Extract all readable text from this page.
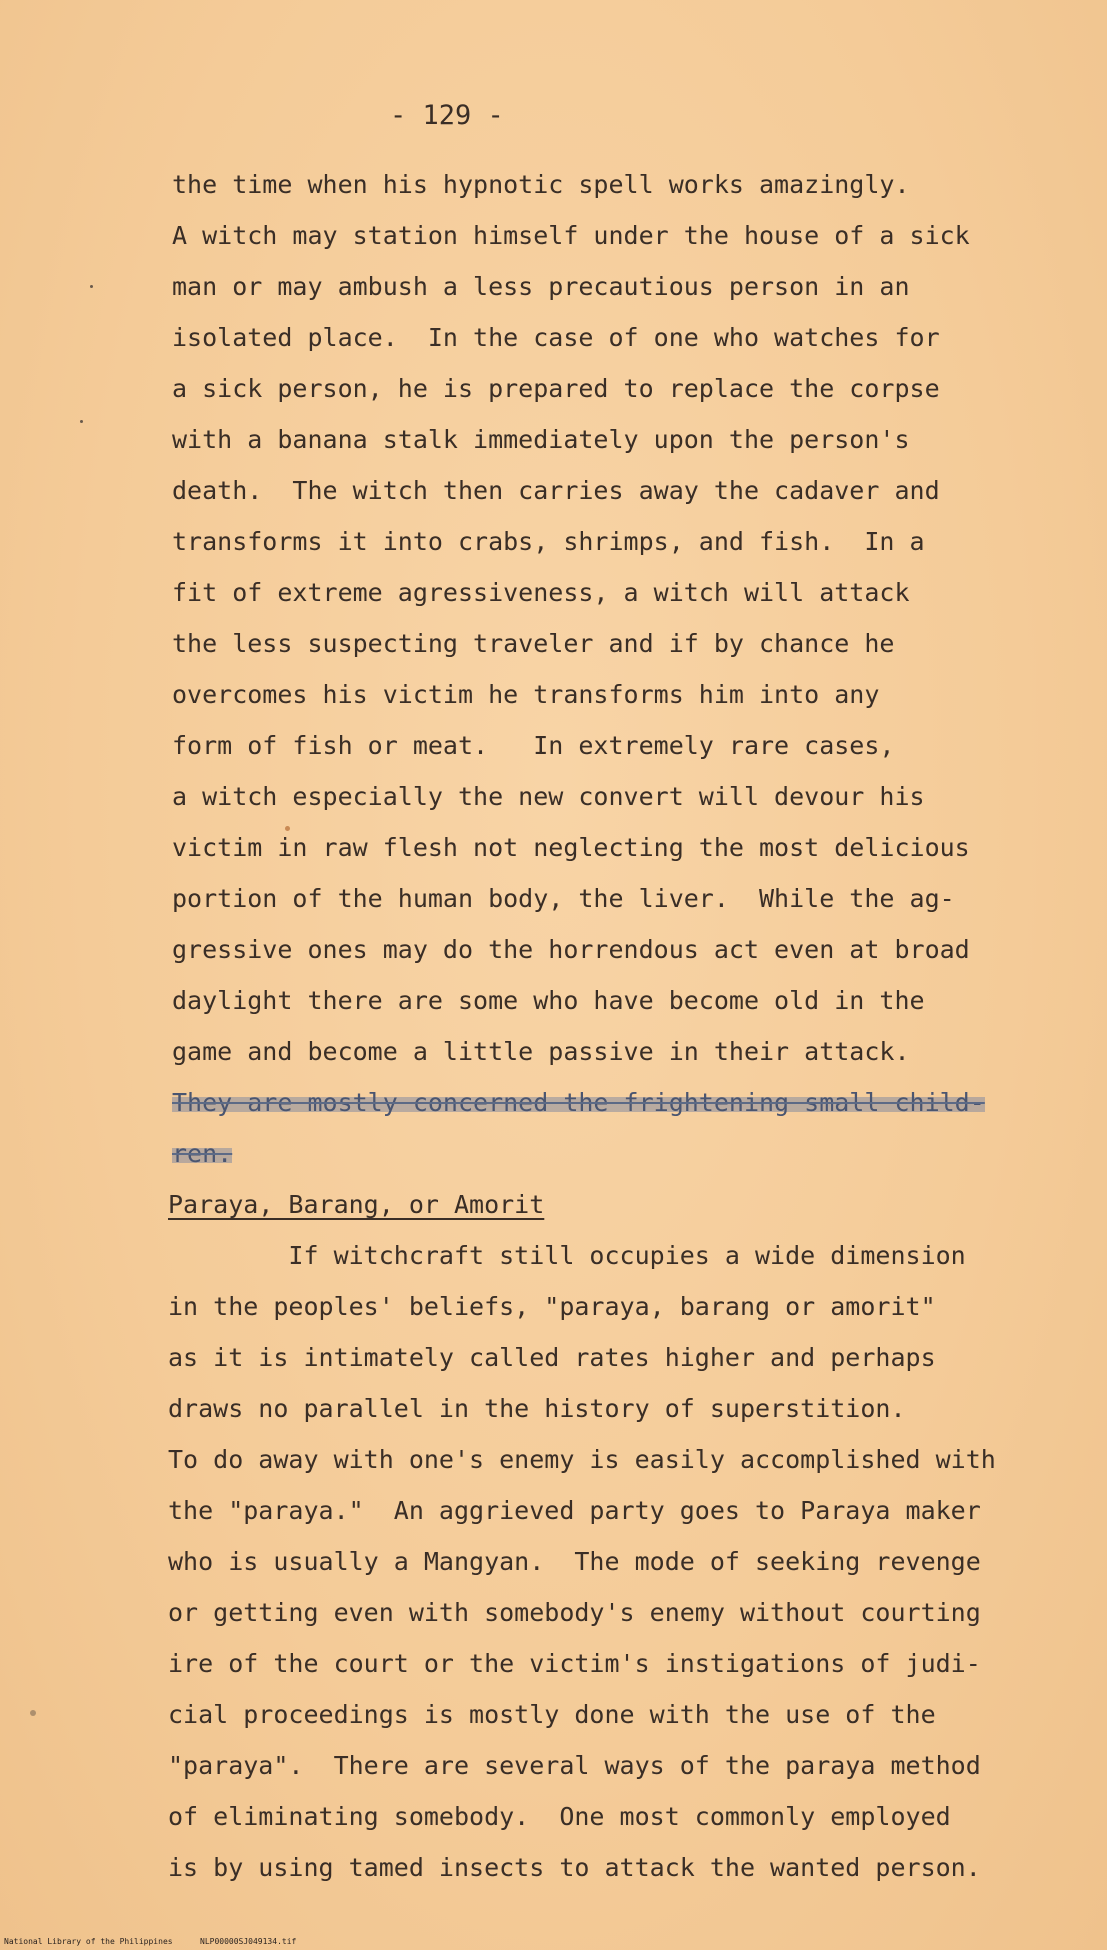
- 129 -
the time when his hypnotic spell works amazingly.
A witch may station himself under the house of a sick
man or may ambush a less precautious person in an
isolated place.  In the case of one who watches for
a sick person, he is prepared to replace the corpse
with a banana stalk immediately upon the person's
death.  The witch then carries away the cadaver and
transforms it into crabs, shrimps, and fish.  In a
fit of extreme agressiveness, a witch will attack
the less suspecting traveler and if by chance he
overcomes his victim he transforms him into any
form of fish or meat.   In extremely rare cases,
a witch especially the new convert will devour his
victim in raw flesh not neglecting the most delicious
portion of the human body, the liver.  While the ag-
gressive ones may do the horrendous act even at broad
daylight there are some who have become old in the
game and become a little passive in their attack.
They are mostly concerned the frightening small child-
ren.
Paraya, Barang, or Amorit
If witchcraft still occupies a wide dimension
in the peoples' beliefs, "paraya, barang or amorit"
as it is intimately called rates higher and perhaps
draws no parallel in the history of superstition.
To do away with one's enemy is easily accomplished with
the "paraya."  An aggrieved party goes to Paraya maker
who is usually a Mangyan.  The mode of seeking revenge
or getting even with somebody's enemy without courting
ire of the court or the victim's instigations of judi-
cial proceedings is mostly done with the use of the
"paraya".  There are several ways of the paraya method
of eliminating somebody.  One most commonly employed
is by using tamed insects to attack the wanted person.
National Library of the Philippines	NLP00000SJ049134.tif
